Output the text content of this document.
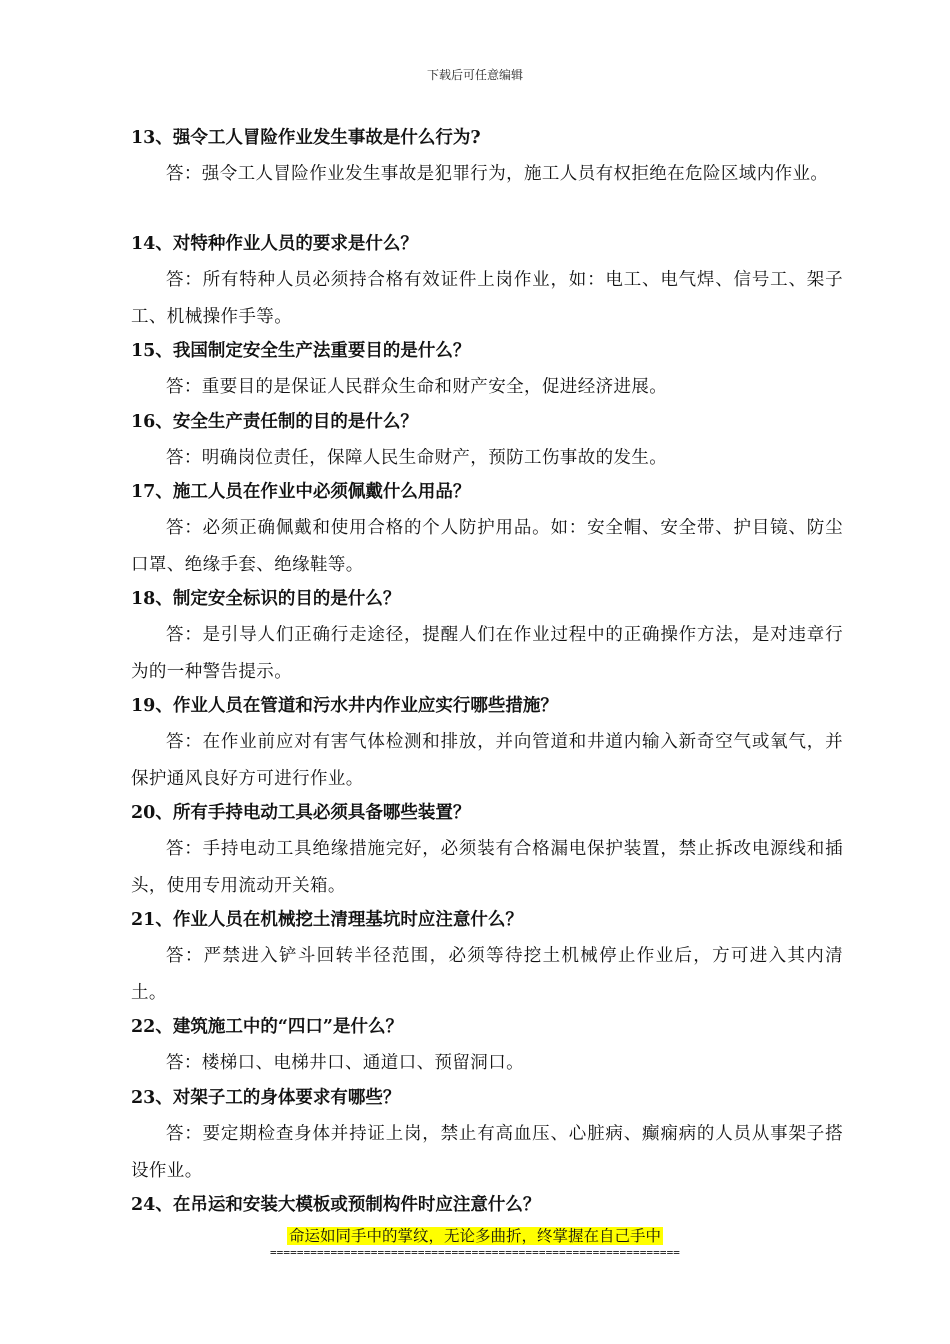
下载后可任意编辑
13、强令工人冒险作业发生事故是什么行为?
答：强令工人冒险作业发生事故是犯罪行为，施工人员有权拒绝在危险区域内作业。
14、对特种作业人员的要求是什么？
答：所有特种人员必须持合格有效证件上岗作业，如：电工、电气焊、信号工、架子工、机械操作手等。
15、我国制定安全生产法重要目的是什么？
答：重要目的是保证人民群众生命和财产安全，促进经济进展。
16、安全生产责任制的目的是什么？
答：明确岗位责任，保障人民生命财产，预防工伤事故的发生。
17、施工人员在作业中必须佩戴什么用品？
答：必须正确佩戴和使用合格的个人防护用品。如：安全帽、安全带、护目镜、防尘口罩、绝缘手套、绝缘鞋等。
18、制定安全标识的目的是什么？
答：是引导人们正确行走途径，提醒人们在作业过程中的正确操作方法，是对违章行为的一种警告提示。
19、作业人员在管道和污水井内作业应实行哪些措施？
答：在作业前应对有害气体检测和排放，并向管道和井道内输入新奇空气或氧气，并保护通风良好方可进行作业。
20、所有手持电动工具必须具备哪些装置？
答：手持电动工具绝缘措施完好，必须装有合格漏电保护装置，禁止拆改电源线和插头，使用专用流动开关箱。
21、作业人员在机械挖土清理基坑时应注意什么？
答：严禁进入铲斗回转半径范围，必须等待挖土机械停止作业后，方可进入其内清土。
22、建筑施工中的“四口”是什么？
答：楼梯口、电梯井口、通道口、预留洞口。
23、对架子工的身体要求有哪些？
答：要定期检查身体并持证上岗，禁止有高血压、心脏病、癫痫病的人员从事架子搭设作业。
24、在吊运和安装大模板或预制构件时应注意什么？
命运如同手中的掌纹，无论多曲折，终掌握在自己手中
=============================================================
